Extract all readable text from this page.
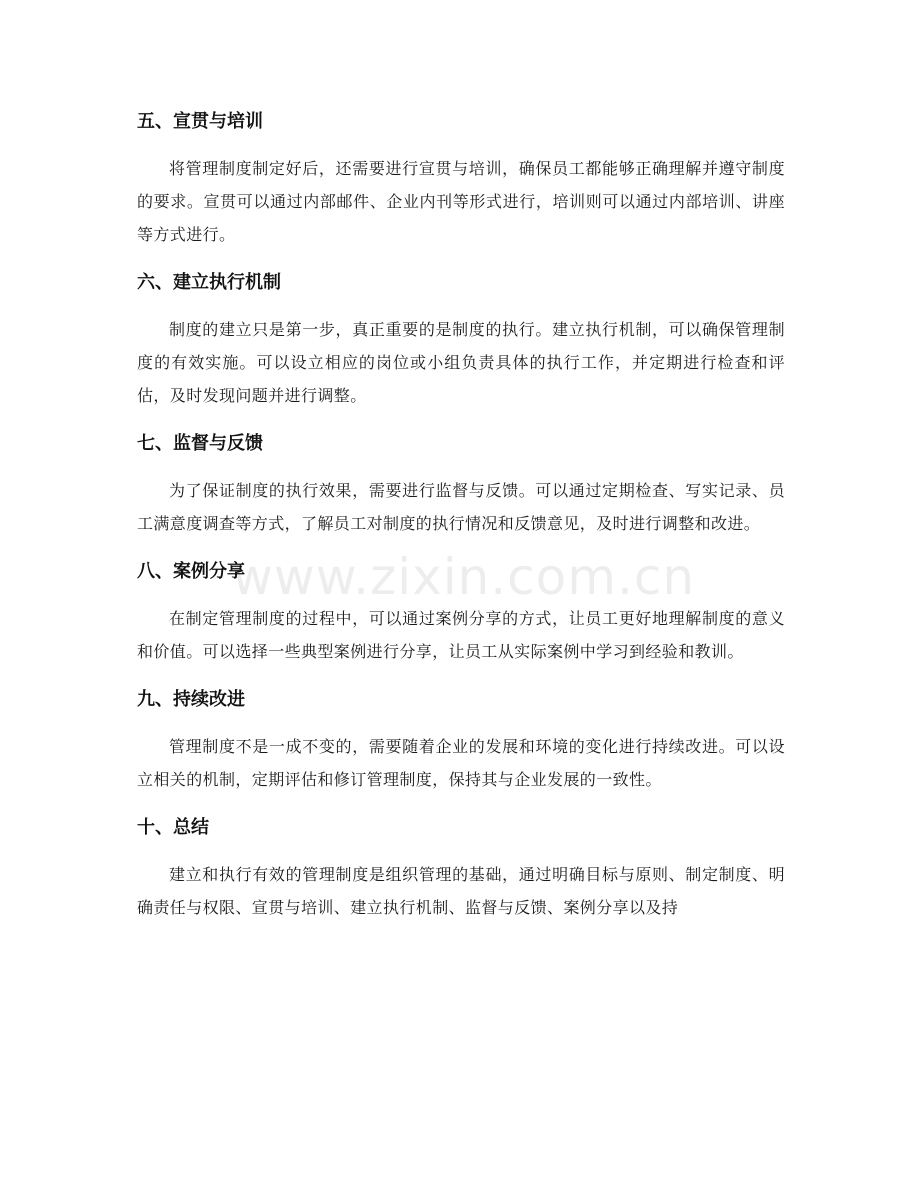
五、宣贯与培训

将管理制度制定好后，还需要进行宣贯与培训，确保员工都能够正确理解并遵守制度的要求。宣贯可以通过内部邮件、企业内刊等形式进行，培训则可以通过内部培训、讲座等方式进行。

六、建立执行机制

制度的建立只是第一步，真正重要的是制度的执行。建立执行机制，可以确保管理制度的有效实施。可以设立相应的岗位或小组负责具体的执行工作，并定期进行检查和评估，及时发现问题并进行调整。

七、监督与反馈

为了保证制度的执行效果，需要进行监督与反馈。可以通过定期检查、写实记录、员工满意度调查等方式，了解员工对制度的执行情况和反馈意见，及时进行调整和改进。

八、案例分享

在制定管理制度的过程中，可以通过案例分享的方式，让员工更好地理解制度的意义和价值。可以选择一些典型案例进行分享，让员工从实际案例中学习到经验和教训。

九、持续改进

管理制度不是一成不变的，需要随着企业的发展和环境的变化进行持续改进。可以设立相关的机制，定期评估和修订管理制度，保持其与企业发展的一致性。

十、总结

建立和执行有效的管理制度是组织管理的基础，通过明确目标与原则、制定制度、明确责任与权限、宣贯与培训、建立执行机制、监督与反馈、案例分享以及持

www.zixin.com.cn
